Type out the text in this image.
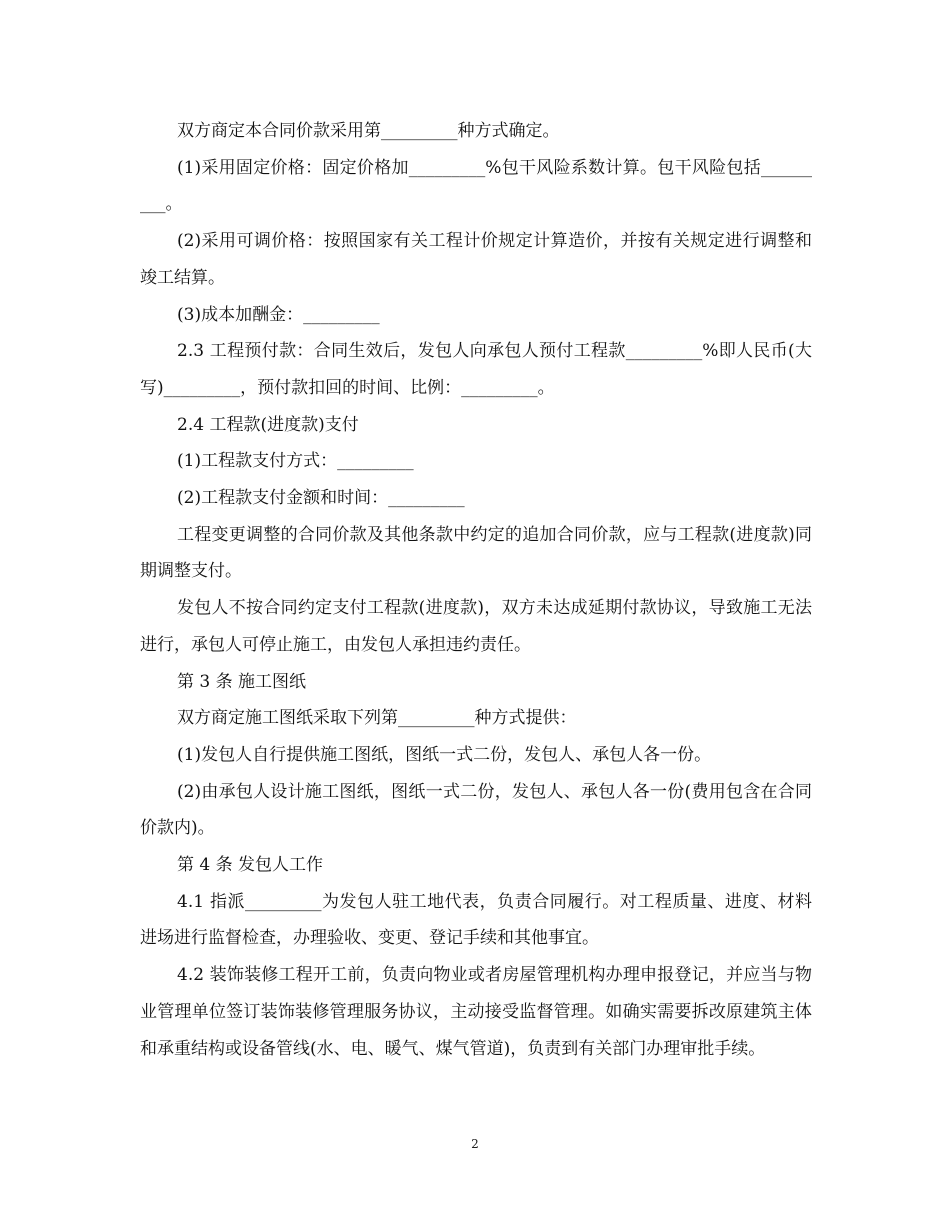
双方商定本合同价款采用第_________种方式确定。

(1)采用固定价格：固定价格加_________%包干风险系数计算。包干风险包括_________。

(2)采用可调价格：按照国家有关工程计价规定计算造价，并按有关规定进行调整和竣工结算。

(3)成本加酬金：_________

2.3 工程预付款：合同生效后，发包人向承包人预付工程款_________%即人民币(大写)_________，预付款扣回的时间、比例：_________。

2.4 工程款(进度款)支付

(1)工程款支付方式：_________

(2)工程款支付金额和时间：_________

工程变更调整的合同价款及其他条款中约定的追加合同价款，应与工程款(进度款)同期调整支付。

发包人不按合同约定支付工程款(进度款)，双方未达成延期付款协议，导致施工无法进行，承包人可停止施工，由发包人承担违约责任。

第 3 条 施工图纸

双方商定施工图纸采取下列第_________种方式提供：

(1)发包人自行提供施工图纸，图纸一式二份，发包人、承包人各一份。

(2)由承包人设计施工图纸，图纸一式二份，发包人、承包人各一份(费用包含在合同价款内)。

第 4 条 发包人工作

4.1 指派_________为发包人驻工地代表，负责合同履行。对工程质量、进度、材料进场进行监督检查，办理验收、变更、登记手续和其他事宜。

4.2 装饰装修工程开工前，负责向物业或者房屋管理机构办理申报登记，并应当与物业管理单位签订装饰装修管理服务协议，主动接受监督管理。如确实需要拆改原建筑主体和承重结构或设备管线(水、电、暖气、煤气管道)，负责到有关部门办理审批手续。

2
